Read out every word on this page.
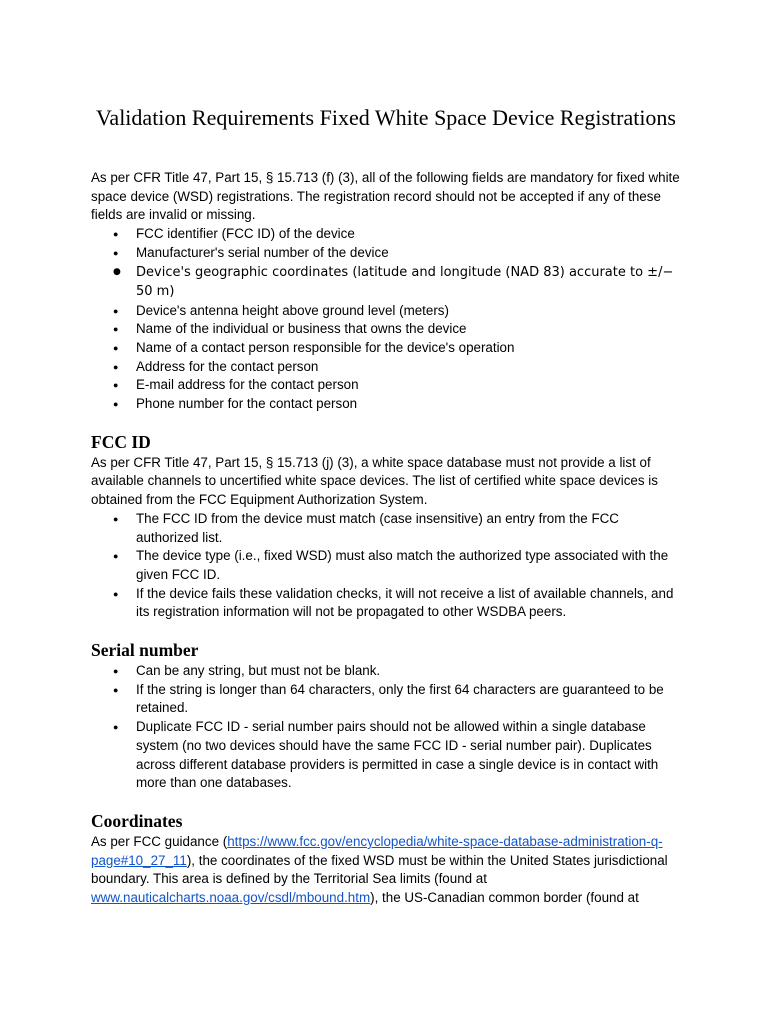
Validation Requirements Fixed White Space Device Registrations

As per CFR Title 47, Part 15, § 15.713 (f) (3), all of the following fields are mandatory for fixed white space device (WSD) registrations. The registration record should not be accepted if any of these fields are invalid or missing.

● FCC identifier (FCC ID) of the device
● Manufacturer's serial number of the device
● Device's geographic coordinates (latitude and longitude (NAD 83) accurate to ±/− 50 m)
● Device's antenna height above ground level (meters)
● Name of the individual or business that owns the device
● Name of a contact person responsible for the device's operation
● Address for the contact person
● E-mail address for the contact person
● Phone number for the contact person
FCC ID

As per CFR Title 47, Part 15, § 15.713 (j) (3), a white space database must not provide a list of available channels to uncertified white space devices. The list of certified white space devices is obtained from the FCC Equipment Authorization System.

● The FCC ID from the device must match (case insensitive) an entry from the FCC authorized list.
● The device type (i.e., fixed WSD) must also match the authorized type associated with the given FCC ID.
● If the device fails these validation checks, it will not receive a list of available channels, and its registration information will not be propagated to other WSDBA peers.
Serial number
● Can be any string, but must not be blank.
● If the string is longer than 64 characters, only the first 64 characters are guaranteed to be retained.
● Duplicate FCC ID - serial number pairs should not be allowed within a single database system (no two devices should have the same FCC ID - serial number pair). Duplicates across different database providers is permitted in case a single device is in contact with more than one databases.
Coordinates

As per FCC guidance (https://www.fcc.gov/encyclopedia/white-space-database-administration-q-page#10_27_11), the coordinates of the fixed WSD must be within the United States jurisdictional boundary. This area is defined by the Territorial Sea limits (found at www.nauticalcharts.noaa.gov/csdl/mbound.htm), the US-Canadian common border (found at
